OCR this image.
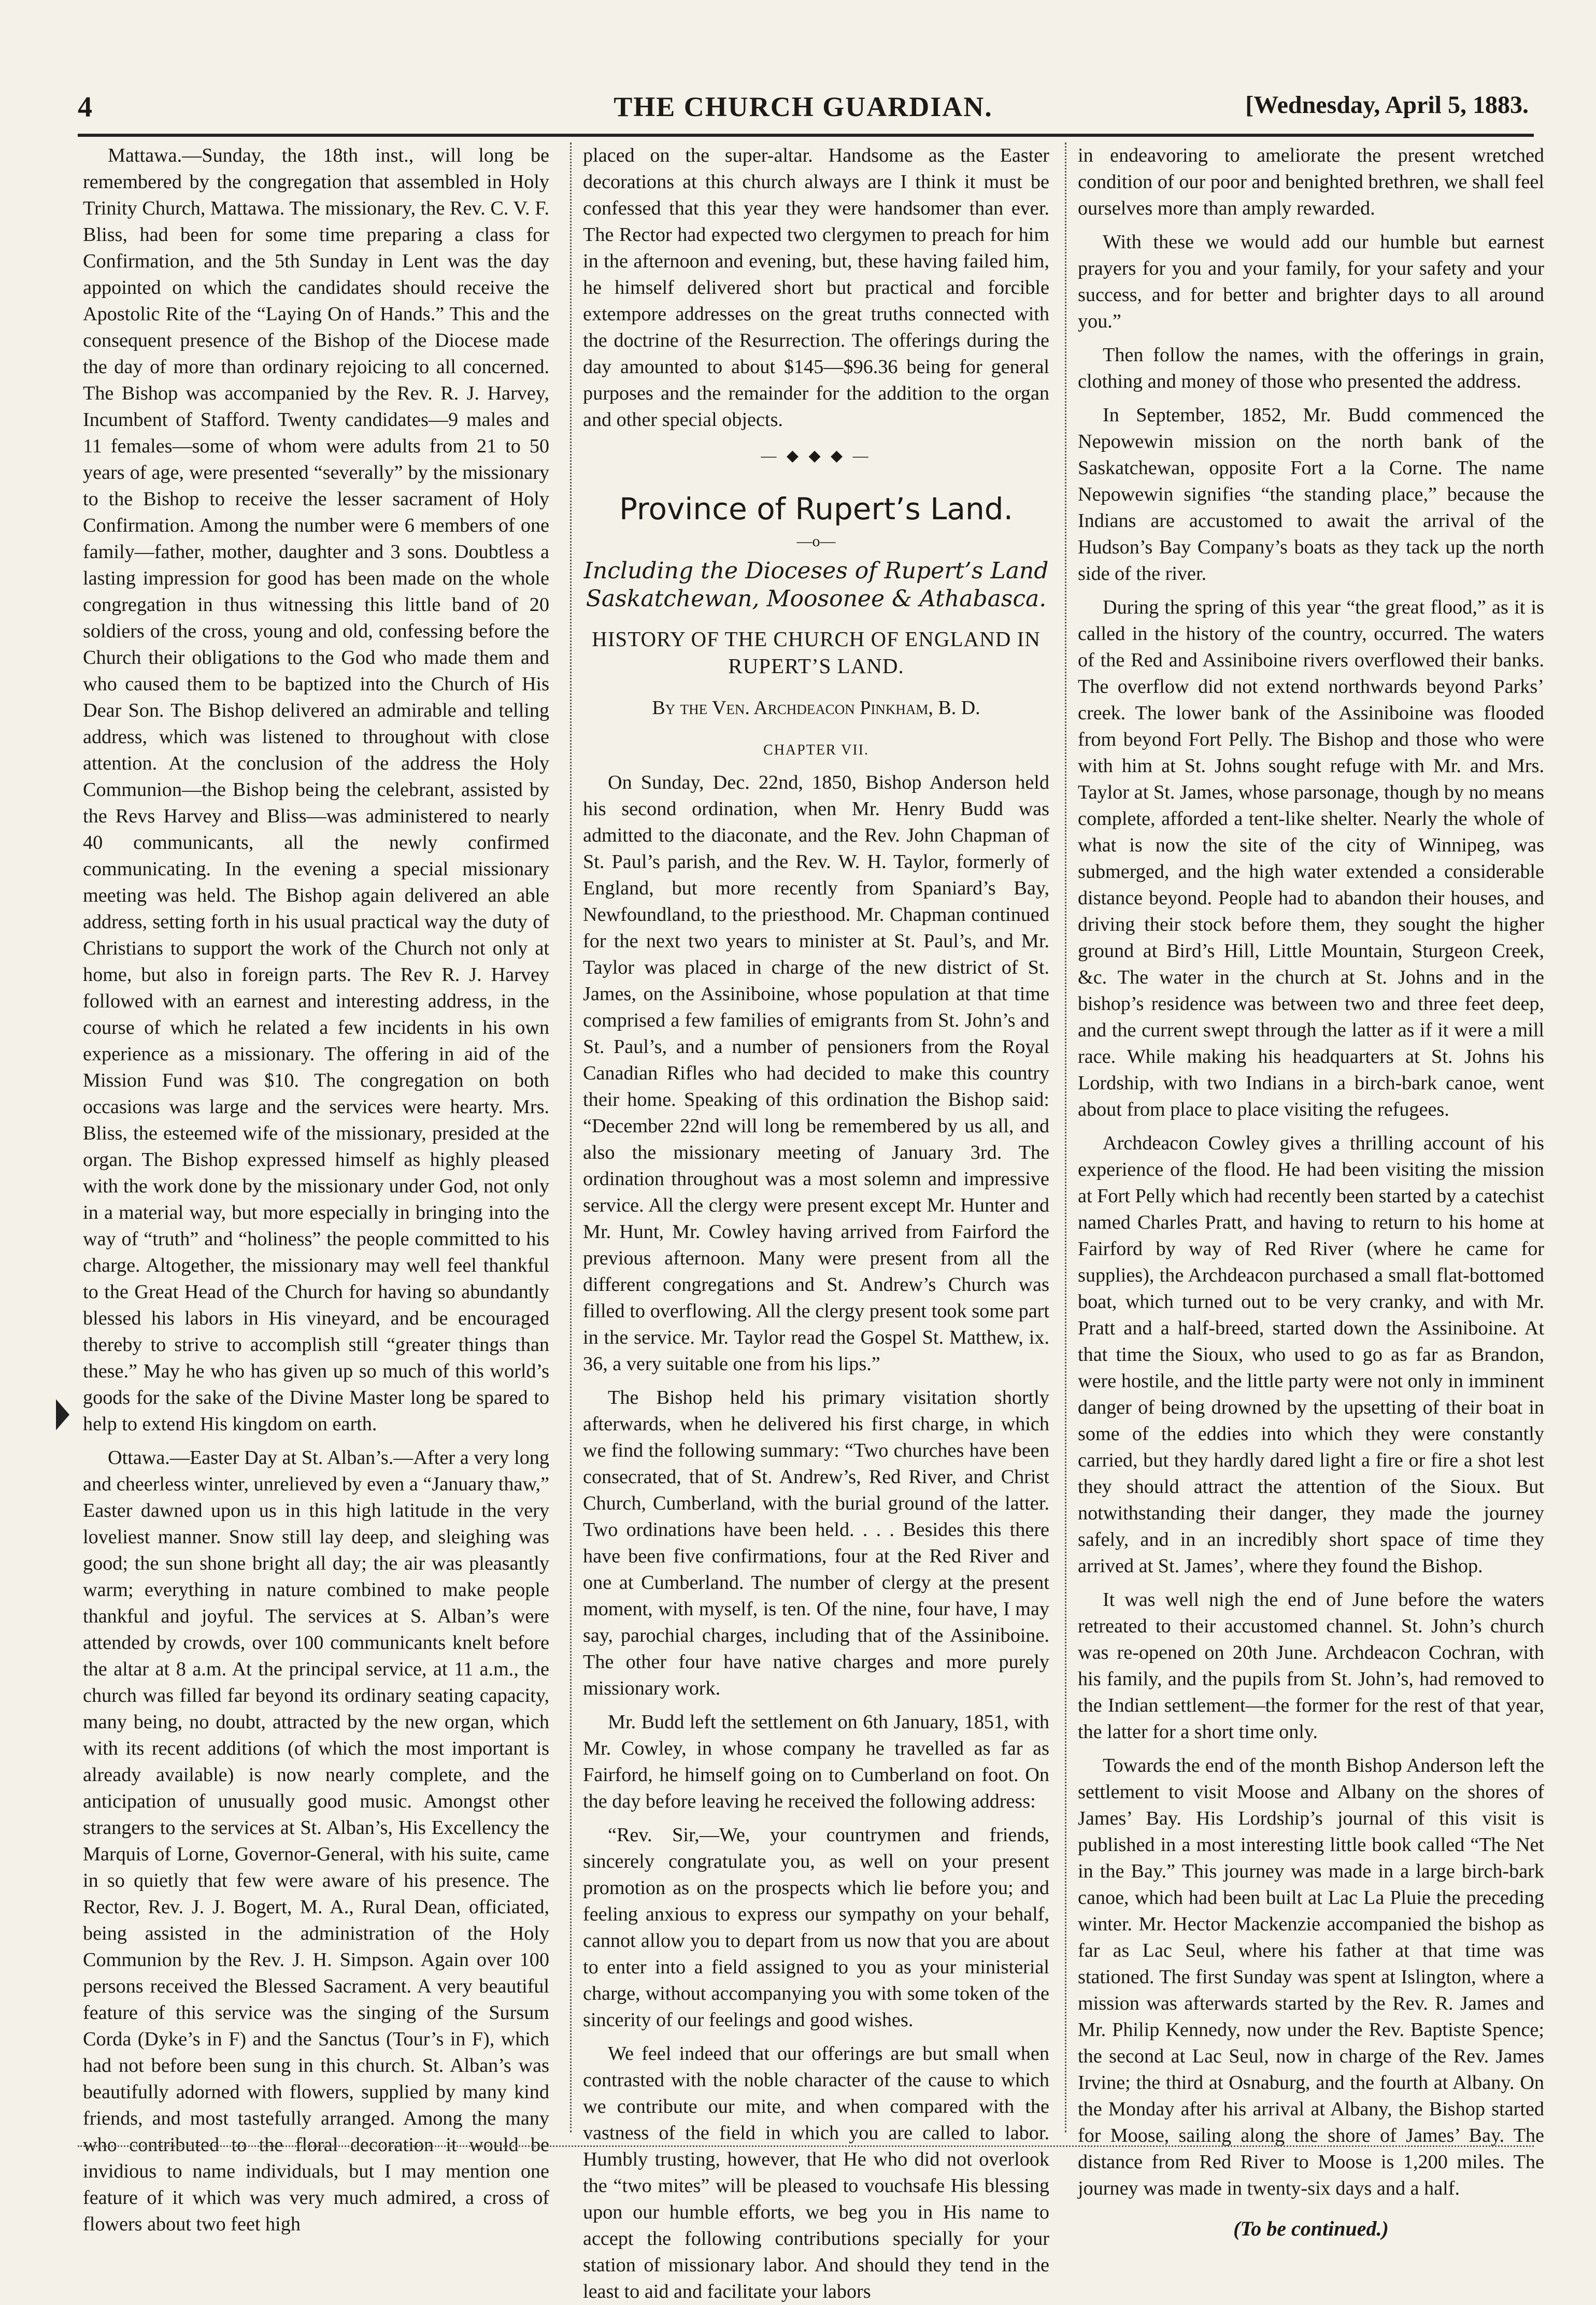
4	THE CHURCH GUARDIAN.	[Wednesday, April 5, 1883.

Mattawa.—Sunday, the 18th inst., will long be remembered by the congregation that assembled in Holy Trinity Church, Mattawa. The missionary, the Rev. C. V. F. Bliss, had been for some time preparing a class for Confirmation, and the 5th Sunday in Lent was the day appointed on which the candidates should receive the Apostolic Rite of the “Laying On of Hands.” This and the consequent presence of the Bishop of the Diocese made the day of more than ordinary rejoicing to all concerned. The Bishop was accompanied by the Rev. R. J. Harvey, Incumbent of Stafford. Twenty candidates—9 males and 11 females—some of whom were adults from 21 to 50 years of age, were presented “severally” by the missionary to the Bishop to receive the lesser sacrament of Holy Confirmation. Among the number were 6 members of one family—father, mother, daughter and 3 sons. Doubtless a lasting impression for good has been made on the whole congregation in thus witnessing this little band of 20 soldiers of the cross, young and old, confessing before the Church their obligations to the God who made them and who caused them to be baptized into the Church of His Dear Son. The Bishop delivered an admirable and telling address, which was listened to throughout with close attention. At the conclusion of the address the Holy Communion—the Bishop being the celebrant, assisted by the Revs Harvey and Bliss—was administered to nearly 40 communicants, all the newly confirmed communicating. In the evening a special missionary meeting was held. The Bishop again delivered an able address, setting forth in his usual practical way the duty of Christians to support the work of the Church not only at home, but also in foreign parts. The Rev R. J. Harvey followed with an earnest and interesting address, in the course of which he related a few incidents in his own experience as a missionary. The offering in aid of the Mission Fund was $10. The congregation on both occasions was large and the services were hearty. Mrs. Bliss, the esteemed wife of the missionary, presided at the organ. The Bishop expressed himself as highly pleased with the work done by the missionary under God, not only in a material way, but more especially in bringing into the way of “truth” and “holiness” the people committed to his charge. Altogether, the missionary may well feel thankful to the Great Head of the Church for having so abundantly blessed his labors in His vineyard, and be encouraged thereby to strive to accomplish still “greater things than these.” May he who has given up so much of this world’s goods for the sake of the Divine Master long be spared to help to extend His kingdom on earth.

Ottawa.—Easter Day at St. Alban’s.—After a very long and cheerless winter, unrelieved by even a “January thaw,” Easter dawned upon us in this high latitude in the very loveliest manner. Snow still lay deep, and sleighing was good; the sun shone bright all day; the air was pleasantly warm; everything in nature combined to make people thankful and joyful. The services at S. Alban’s were attended by crowds, over 100 communicants knelt before the altar at 8 a.m. At the principal service, at 11 a.m., the church was filled far beyond its ordinary seating capacity, many being, no doubt, attracted by the new organ, which with its recent additions (of which the most important is already available) is now nearly complete, and the anticipation of unusually good music. Amongst other strangers to the services at St. Alban’s, His Excellency the Marquis of Lorne, Governor-General, with his suite, came in so quietly that few were aware of his presence. The Rector, Rev. J. J. Bogert, M. A., Rural Dean, officiated, being assisted in the administration of the Holy Communion by the Rev. J. H. Simpson. Again over 100 persons received the Blessed Sacrament. A very beautiful feature of this service was the singing of the Sursum Corda (Dyke’s in F) and the Sanctus (Tour’s in F), which had not before been sung in this church. St. Alban’s was beautifully adorned with flowers, supplied by many kind friends, and most tastefully arranged. Among the many who contributed to the floral decoration it would be invidious to name individuals, but I may mention one feature of it which was very much admired, a cross of flowers about two feet high

placed on the super-altar. Handsome as the Easter decorations at this church always are I think it must be confessed that this year they were handsomer than ever. The Rector had expected two clergymen to preach for him in the afternoon and evening, but, these having failed him, he himself delivered short but practical and forcible extempore addresses on the great truths connected with the doctrine of the Resurrection. The offerings during the day amounted to about $145—$96.36 being for general purposes and the remainder for the addition to the organ and other special objects.

— ◆ ◆ ◆ —
Province of Rupert’s Land.
—o—
Including the Dioceses of Rupert’s Land Saskatchewan, Moosonee & Athabasca.
HISTORY OF THE CHURCH OF ENGLAND IN RUPERT’S LAND.
By the Ven. Archdeacon Pinkham, B. D.
CHAPTER VII.

On Sunday, Dec. 22nd, 1850, Bishop Anderson held his second ordination, when Mr. Henry Budd was admitted to the diaconate, and the Rev. John Chapman of St. Paul’s parish, and the Rev. W. H. Taylor, formerly of England, but more recently from Spaniard’s Bay, Newfoundland, to the priesthood. Mr. Chapman continued for the next two years to minister at St. Paul’s, and Mr. Taylor was placed in charge of the new district of St. James, on the Assiniboine, whose population at that time comprised a few families of emigrants from St. John’s and St. Paul’s, and a number of pensioners from the Royal Canadian Rifles who had decided to make this country their home. Speaking of this ordination the Bishop said: “December 22nd will long be remembered by us all, and also the missionary meeting of January 3rd. The ordination throughout was a most solemn and impressive service. All the clergy were present except Mr. Hunter and Mr. Hunt, Mr. Cowley having arrived from Fairford the previous afternoon. Many were present from all the different congregations and St. Andrew’s Church was filled to overflowing. All the clergy present took some part in the service. Mr. Taylor read the Gospel St. Matthew, ix. 36, a very suitable one from his lips.”

The Bishop held his primary visitation shortly afterwards, when he delivered his first charge, in which we find the following summary: “Two churches have been consecrated, that of St. Andrew’s, Red River, and Christ Church, Cumberland, with the burial ground of the latter. Two ordinations have been held. . . . Besides this there have been five confirmations, four at the Red River and one at Cumberland. The number of clergy at the present moment, with myself, is ten. Of the nine, four have, I may say, parochial charges, including that of the Assiniboine. The other four have native charges and more purely missionary work.

Mr. Budd left the settlement on 6th January, 1851, with Mr. Cowley, in whose company he travelled as far as Fairford, he himself going on to Cumberland on foot. On the day before leaving he received the following address:

“Rev. Sir,—We, your countrymen and friends, sincerely congratulate you, as well on your present promotion as on the prospects which lie before you; and feeling anxious to express our sympathy on your behalf, cannot allow you to depart from us now that you are about to enter into a field assigned to you as your ministerial charge, without accompanying you with some token of the sincerity of our feelings and good wishes.

We feel indeed that our offerings are but small when contrasted with the noble character of the cause to which we contribute our mite, and when compared with the vastness of the field in which you are called to labor. Humbly trusting, however, that He who did not overlook the “two mites” will be pleased to vouchsafe His blessing upon our humble efforts, we beg you in His name to accept the following contributions specially for your station of missionary labor. And should they tend in the least to aid and facilitate your labors

in endeavoring to ameliorate the present wretched condition of our poor and benighted brethren, we shall feel ourselves more than amply rewarded.

With these we would add our humble but earnest prayers for you and your family, for your safety and your success, and for better and brighter days to all around you.”

Then follow the names, with the offerings in grain, clothing and money of those who presented the address.

In September, 1852, Mr. Budd commenced the Nepowewin mission on the north bank of the Saskatchewan, opposite Fort a la Corne. The name Nepowewin signifies “the standing place,” because the Indians are accustomed to await the arrival of the Hudson’s Bay Company’s boats as they tack up the north side of the river.

During the spring of this year “the great flood,” as it is called in the history of the country, occurred. The waters of the Red and Assiniboine rivers overflowed their banks. The overflow did not extend northwards beyond Parks’ creek. The lower bank of the Assiniboine was flooded from beyond Fort Pelly. The Bishop and those who were with him at St. Johns sought refuge with Mr. and Mrs. Taylor at St. James, whose parsonage, though by no means complete, afforded a tent-like shelter. Nearly the whole of what is now the site of the city of Winnipeg, was submerged, and the high water extended a considerable distance beyond. People had to abandon their houses, and driving their stock before them, they sought the higher ground at Bird’s Hill, Little Mountain, Sturgeon Creek, &c. The water in the church at St. Johns and in the bishop’s residence was between two and three feet deep, and the current swept through the latter as if it were a mill race. While making his headquarters at St. Johns his Lordship, with two Indians in a birch-bark canoe, went about from place to place visiting the refugees.

Archdeacon Cowley gives a thrilling account of his experience of the flood. He had been visiting the mission at Fort Pelly which had recently been started by a catechist named Charles Pratt, and having to return to his home at Fairford by way of Red River (where he came for supplies), the Archdeacon purchased a small flat-bottomed boat, which turned out to be very cranky, and with Mr. Pratt and a half-breed, started down the Assiniboine. At that time the Sioux, who used to go as far as Brandon, were hostile, and the little party were not only in imminent danger of being drowned by the upsetting of their boat in some of the eddies into which they were constantly carried, but they hardly dared light a fire or fire a shot lest they should attract the attention of the Sioux. But notwithstanding their danger, they made the journey safely, and in an incredibly short space of time they arrived at St. James’, where they found the Bishop.

It was well nigh the end of June before the waters retreated to their accustomed channel. St. John’s church was re-opened on 20th June. Archdeacon Cochran, with his family, and the pupils from St. John’s, had removed to the Indian settlement—the former for the rest of that year, the latter for a short time only.

Towards the end of the month Bishop Anderson left the settlement to visit Moose and Albany on the shores of James’ Bay. His Lordship’s journal of this visit is published in a most interesting little book called “The Net in the Bay.” This journey was made in a large birch-bark canoe, which had been built at Lac La Pluie the preceding winter. Mr. Hector Mackenzie accompanied the bishop as far as Lac Seul, where his father at that time was stationed. The first Sunday was spent at Islington, where a mission was afterwards started by the Rev. R. James and Mr. Philip Kennedy, now under the Rev. Baptiste Spence; the second at Lac Seul, now in charge of the Rev. James Irvine; the third at Osnaburg, and the fourth at Albany. On the Monday after his arrival at Albany, the Bishop started for Moose, sailing along the shore of James’ Bay. The distance from Red River to Moose is 1,200 miles. The journey was made in twenty-six days and a half.

(To be continued.)
